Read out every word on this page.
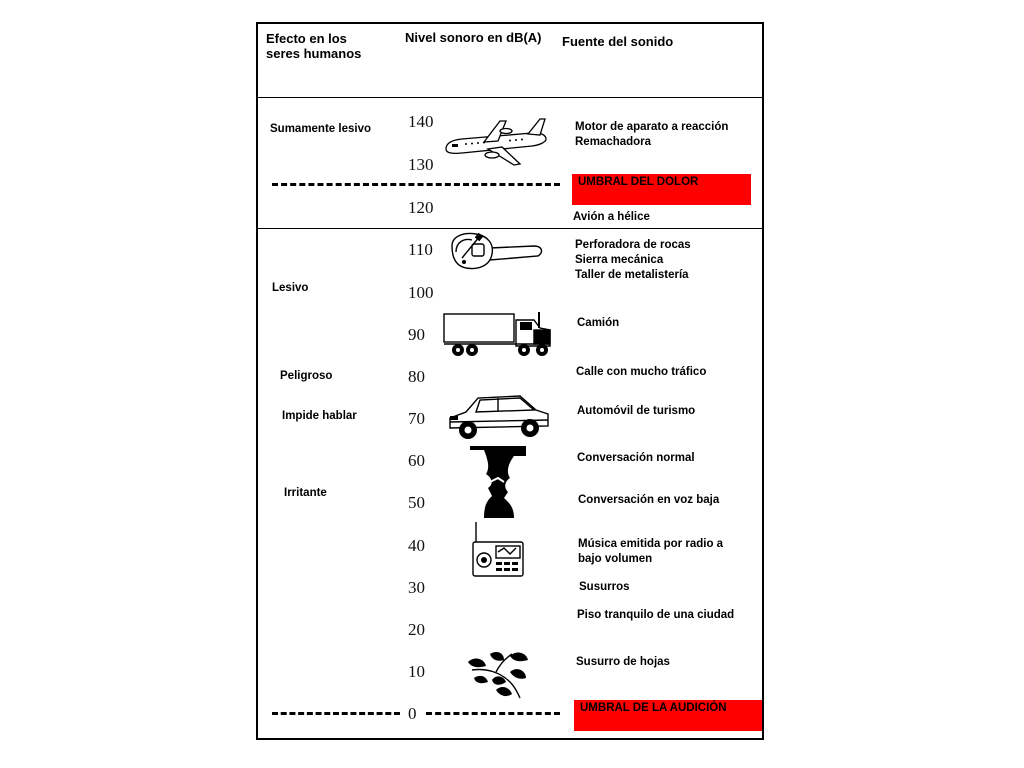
Efecto en los
seres humanos
Nivel sonoro en dB(A) Fuente del sonido
Sumamente lesivo
Lesivo
Peligroso
Impide hablar
Irritante
140
130
120
110
100
90
80
70
60
50
40
30
20
10
0
UMBRAL DEL DOLOR
UMBRAL DE LA AUDICIÓN
Motor de aparato a reacción
Remachadora
Avión a hélice
Perforadora de rocas
Sierra mecánica
Taller de metalistería
Camión
Calle con mucho tráfico
Automóvil de turismo
Conversación normal
Conversación en voz baja
Música emitida por radio a
bajo volumen
Susurros
Piso tranquilo de una ciudad
Susurro de hojas
